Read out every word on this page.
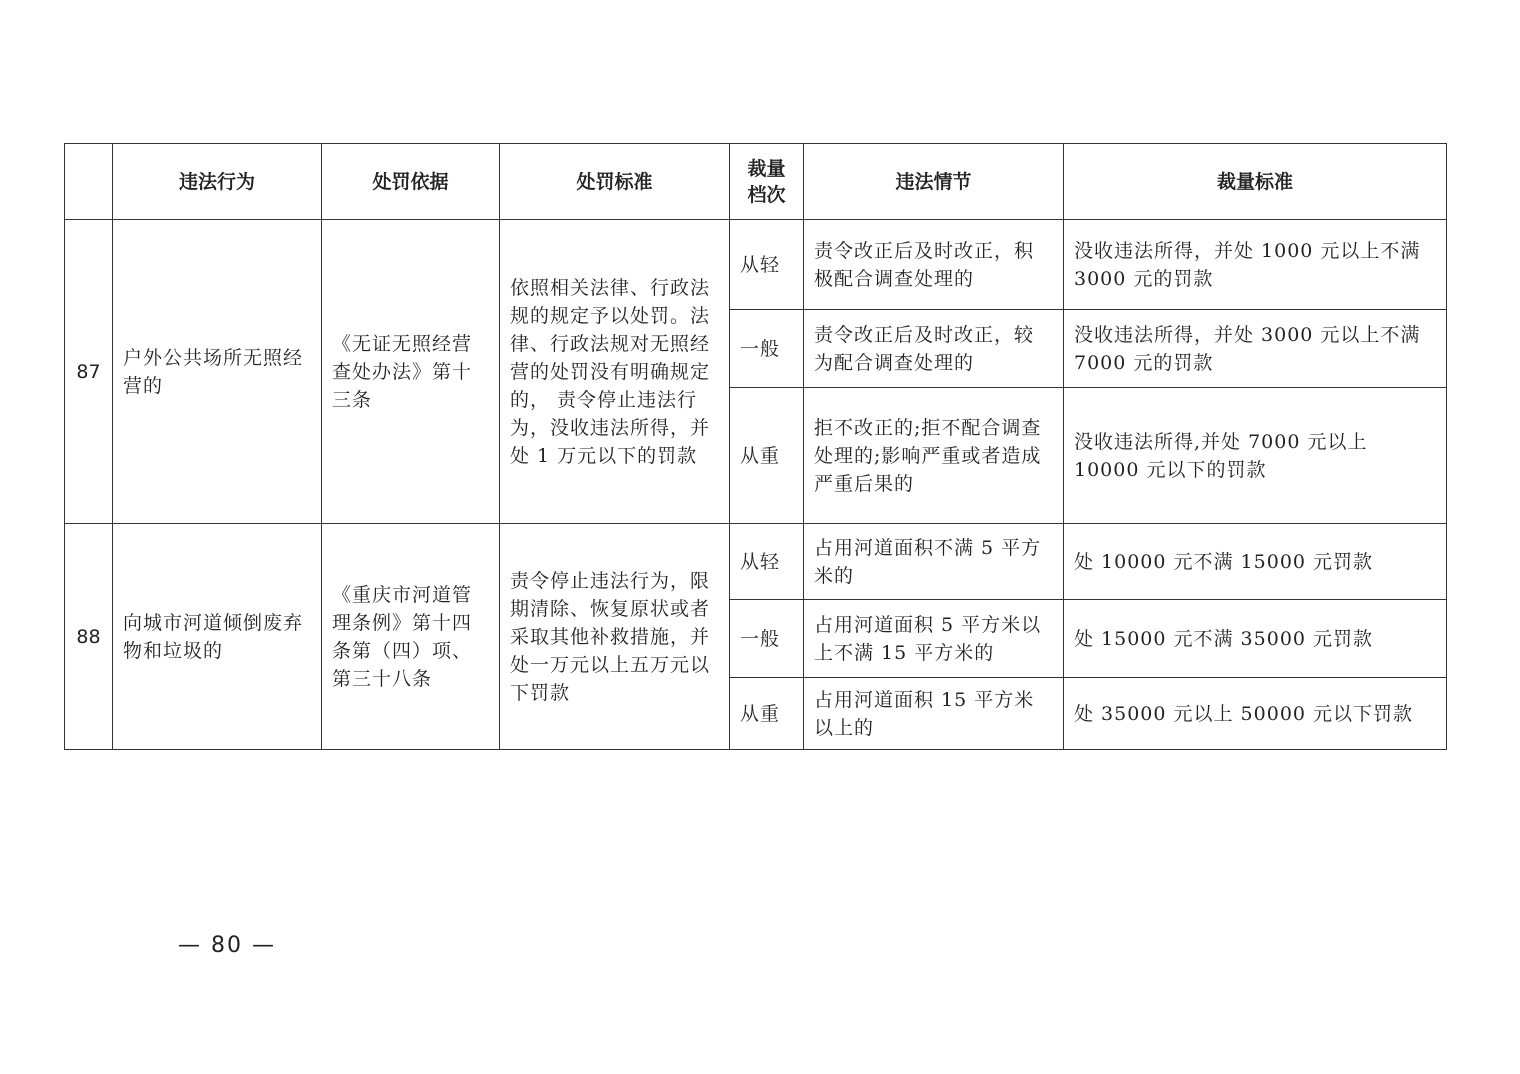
	违法行为	处罚依据	处罚标准	裁量档次	违法情节	裁量标准
87	户外公共场所无照经营的	《无证无照经营查处办法》第十三条	依照相关法律、行政法规的规定予以处罚。法律、行政法规对无照经营的处罚没有明确规定的， 责令停止违法行为，没收违法所得，并处 1 万元以下的罚款	从轻	责令改正后及时改正，积极配合调查处理的	没收违法所得，并处 1000 元以上不满 3000 元的罚款
				一般	责令改正后及时改正，较为配合调查处理的	没收违法所得，并处 3000 元以上不满 7000 元的罚款
				从重	拒不改正的;拒不配合调查处理的;影响严重或者造成严重后果的	没收违法所得,并处 7000 元以上 10000 元以下的罚款
88	向城市河道倾倒废弃物和垃圾的	《重庆市河道管理条例》第十四条第（四）项、第三十八条	责令停止违法行为，限期清除、恢复原状或者采取其他补救措施，并处一万元以上五万元以下罚款	从轻	占用河道面积不满 5 平方米的	处 10000 元不满 15000 元罚款
				一般	占用河道面积 5 平方米以上不满 15 平方米的	处 15000 元不满 35000 元罚款
				从重	占用河道面积 15 平方米以上的	处 35000 元以上 50000 元以下罚款
— 80 —
